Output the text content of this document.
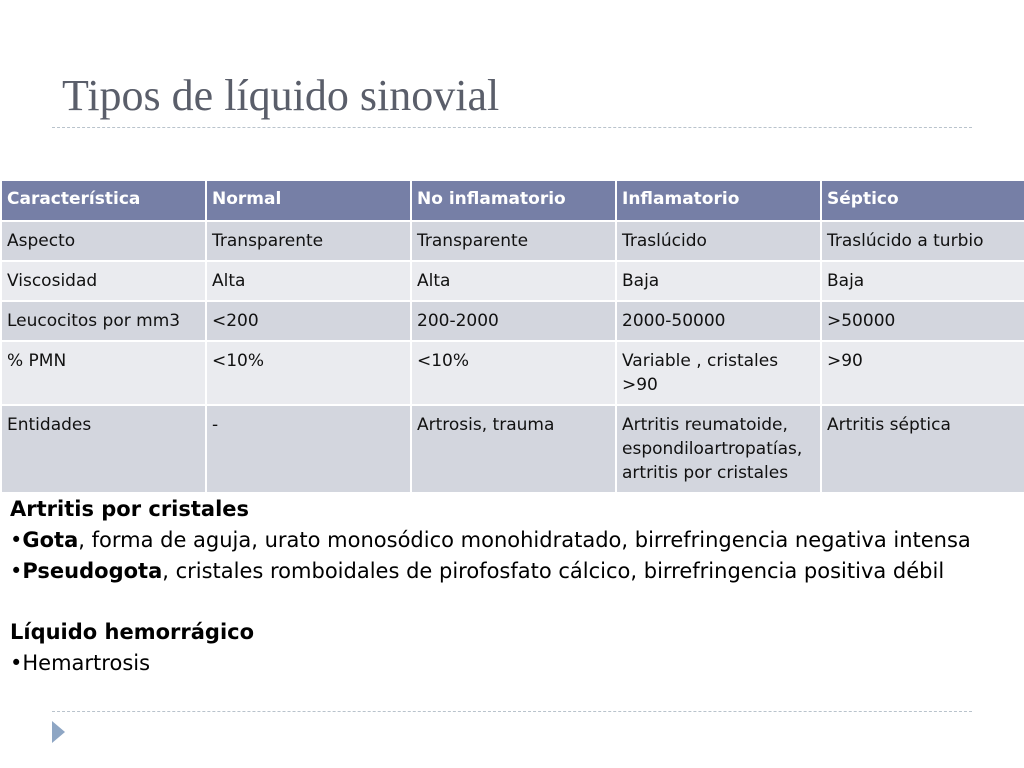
Tipos de líquido sinovial
Característica	Normal	No inflamatorio	Inflamatorio	Séptico
Aspecto	Transparente	Transparente	Traslúcido	Traslúcido a turbio
Viscosidad	Alta	Alta	Baja	Baja
Leucocitos por mm3	<200	200-2000	2000-50000	>50000
% PMN	<10%	<10%	Variable , cristales >90	>90
Entidades	-	Artrosis, trauma	Artritis reumatoide, espondiloartropatías, artritis por cristales	Artritis séptica
Artritis por cristales
•Gota, forma de aguja, urato monosódico monohidratado, birrefringencia negativa intensa
•Pseudogota, cristales romboidales de pirofosfato cálcico, birrefringencia positiva débil
Líquido hemorrágico
•Hemartrosis
